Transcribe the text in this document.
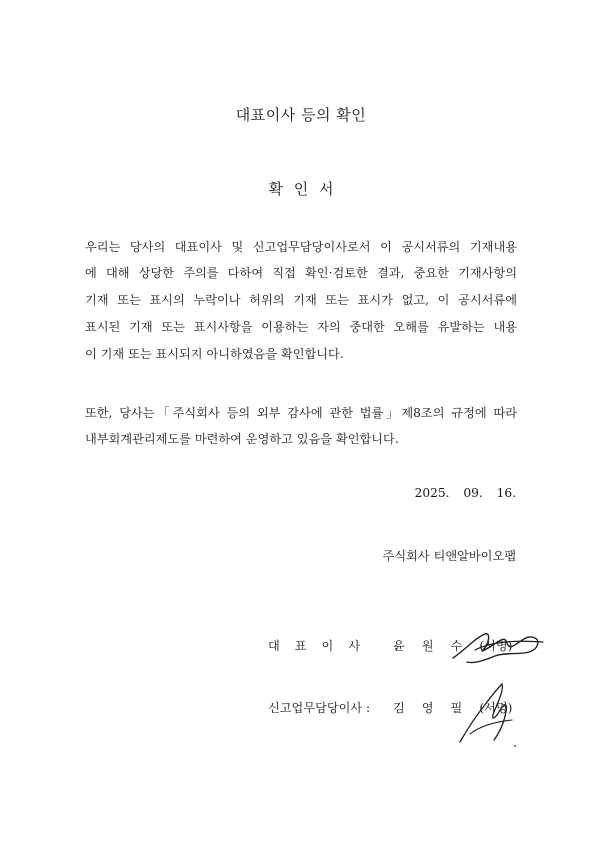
대표이사 등의 확인
확 인 서
우리는 당사의 대표이사 및 신고업무담당이사로서 이 공시서류의 기재내용
에 대해 상당한 주의를 다하여 직접 확인·검토한 결과, 중요한 기재사항의
기재 또는 표시의 누락이나 허위의 기재 또는 표시가 없고, 이 공시서류에
표시된 기재 또는 표시사항을 이용하는 자의 중대한 오해를 유발하는 내용
이 기재 또는 표시되지 아니하였음을 확인합니다.
또한, 당사는「주식회사 등의 외부 감사에 관한 법률」제8조의 규정에 따라
내부회계관리제도를 마련하여 운영하고 있음을 확인합니다.
2025. 09. 16.
주식회사 티앤알바이오팹
대표이사 :
윤원수(서명)
신고업무담당이사 : 김영필(서명)
